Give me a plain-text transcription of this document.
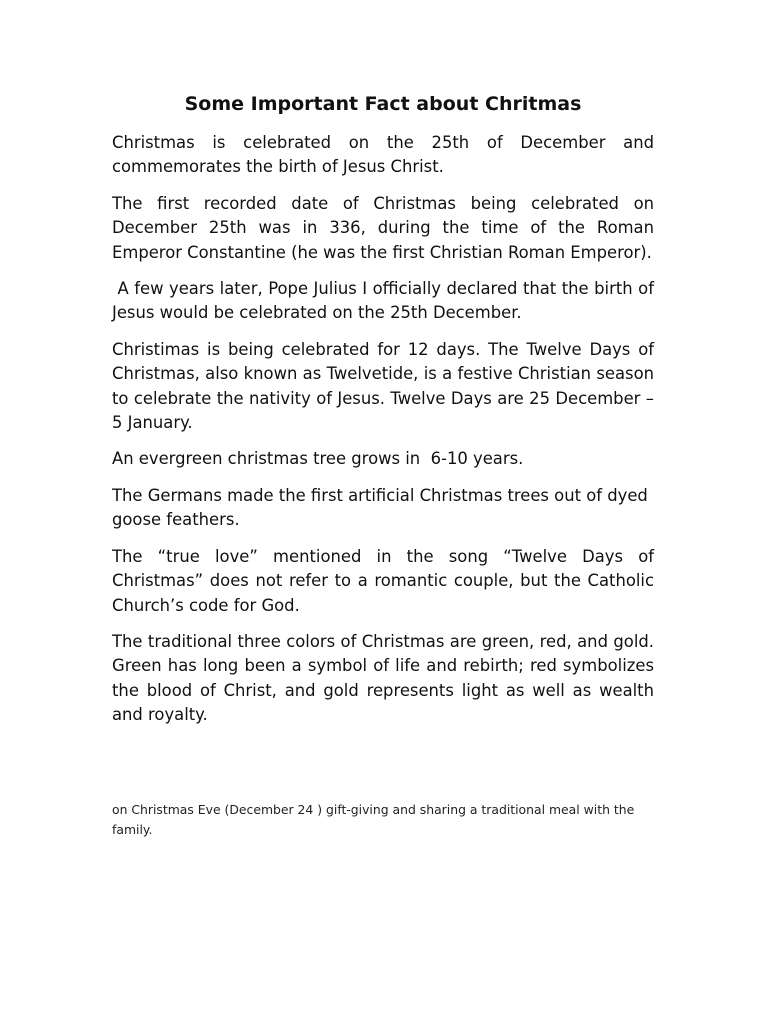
Some Important Fact about Chritmas

Christmas is celebrated on the 25th of December and commemorates the birth of Jesus Christ.

The first recorded date of Christmas being celebrated on December 25th was in 336, during the time of the Roman Emperor Constantine (he was the first Christian Roman Emperor).

A few years later, Pope Julius I officially declared that the birth of Jesus would be celebrated on the 25th December.

Christimas is being celebrated for 12 days. The Twelve Days of Christmas, also known as Twelvetide, is a festive Christian season to celebrate the nativity of Jesus. Twelve Days are 25 December – 5 January.

An evergreen christmas tree grows in  6-10 years.

The Germans made the first artificial Christmas trees out of dyed goose feathers.

The “true love” mentioned in the song “Twelve Days of Christmas” does not refer to a romantic couple, but the Catholic Church’s code for God.

The traditional three colors of Christmas are green, red, and gold. Green has long been a symbol of life and rebirth; red symbolizes the blood of Christ, and gold represents light as well as wealth and royalty.

on Christmas Eve (December 24 ) gift-giving and sharing a traditional meal with the family.
